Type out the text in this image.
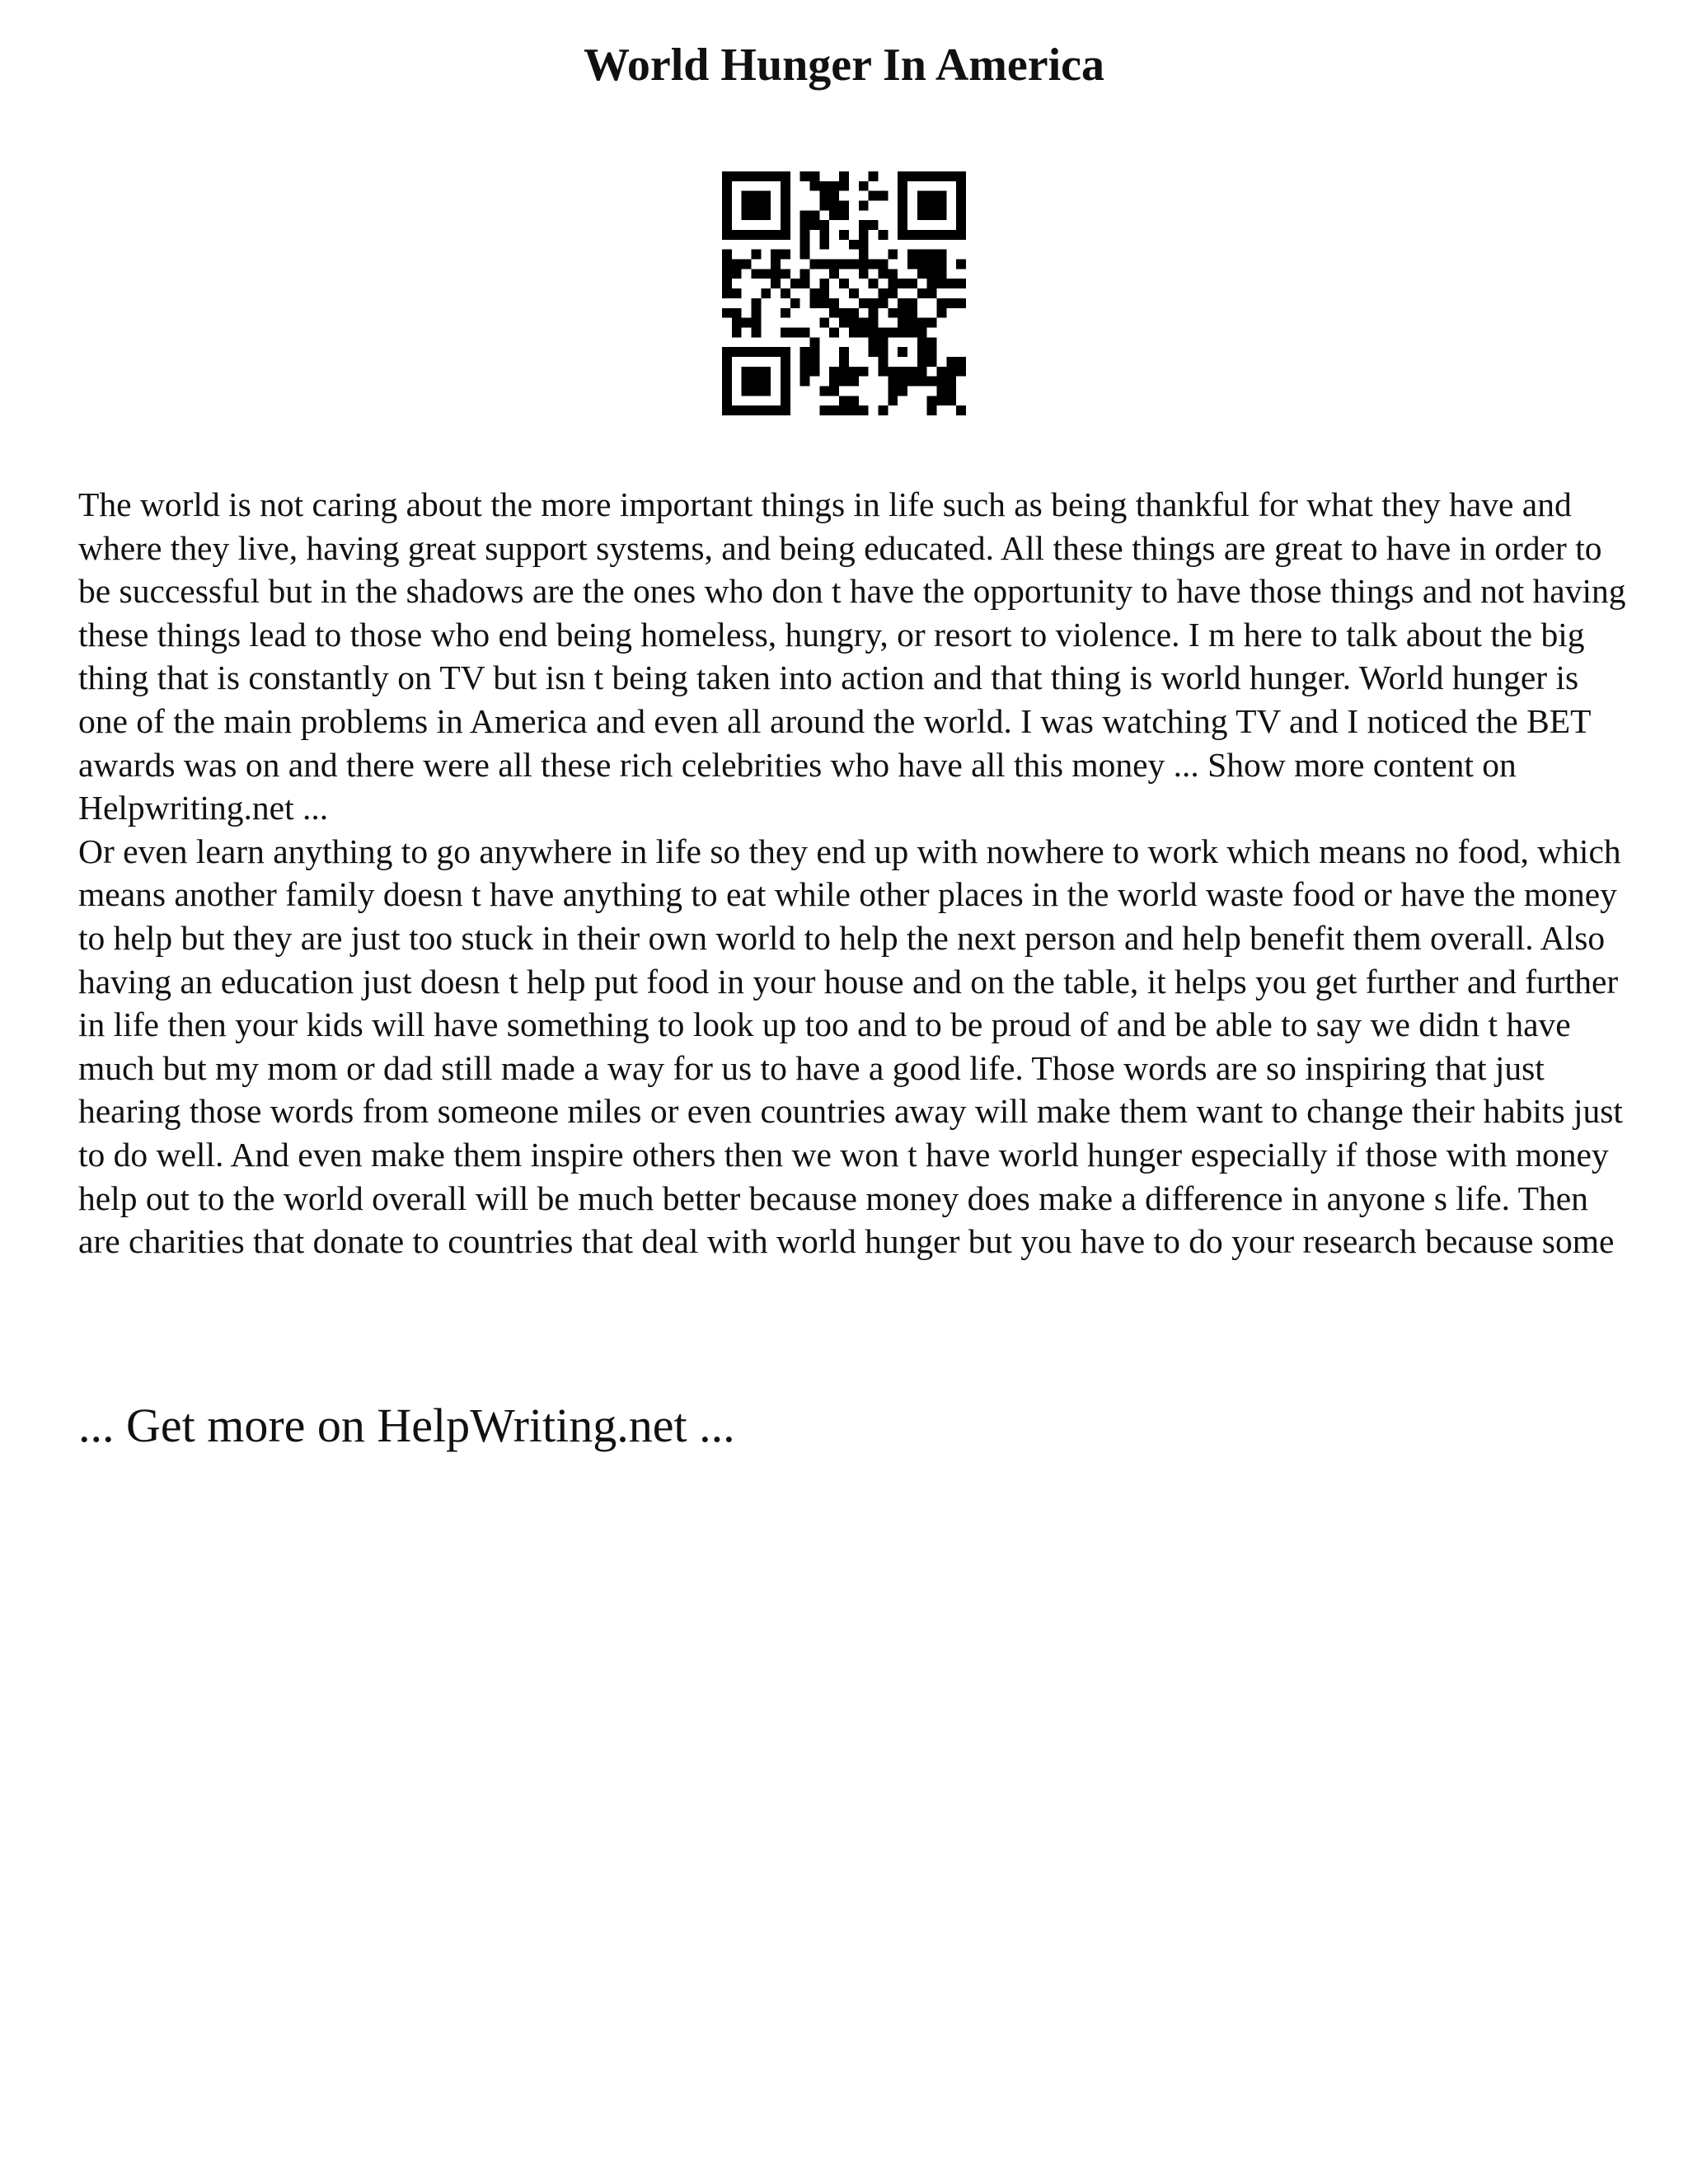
World Hunger In America

The world is not caring about the more important things in life such as being thankful for what they have and where they live, having great support systems, and being educated. All these things are great to have in order to be successful but in the shadows are the ones who don t have the opportunity to have those things and not having these things lead to those who end being homeless, hungry, or resort to violence. I m here to talk about the big thing that is constantly on TV but isn t being taken into action and that thing is world hunger. World hunger is one of the main problems in America and even all around the world. I was watching TV and I noticed the BET awards was on and there were all these rich celebrities who have all this money ... Show more content on Helpwriting.net ...

Or even learn anything to go anywhere in life so they end up with nowhere to work which means no food, which means another family doesn t have anything to eat while other places in the world waste food or have the money to help but they are just too stuck in their own world to help the next person and help benefit them overall. Also having an education just doesn t help put food in your house and on the table, it helps you get further and further in life then your kids will have something to look up too and to be proud of and be able to say we didn t have much but my mom or dad still made a way for us to have a good life. Those words are so inspiring that just hearing those words from someone miles or even countries away will make them want to change their habits just to do well. And even make them inspire others then we won t have world hunger especially if those with money help out to the world overall will be much better because money does make a difference in anyone s life. Then are charities that donate to countries that deal with world hunger but you have to do your research because some

... Get more on HelpWriting.net ...
